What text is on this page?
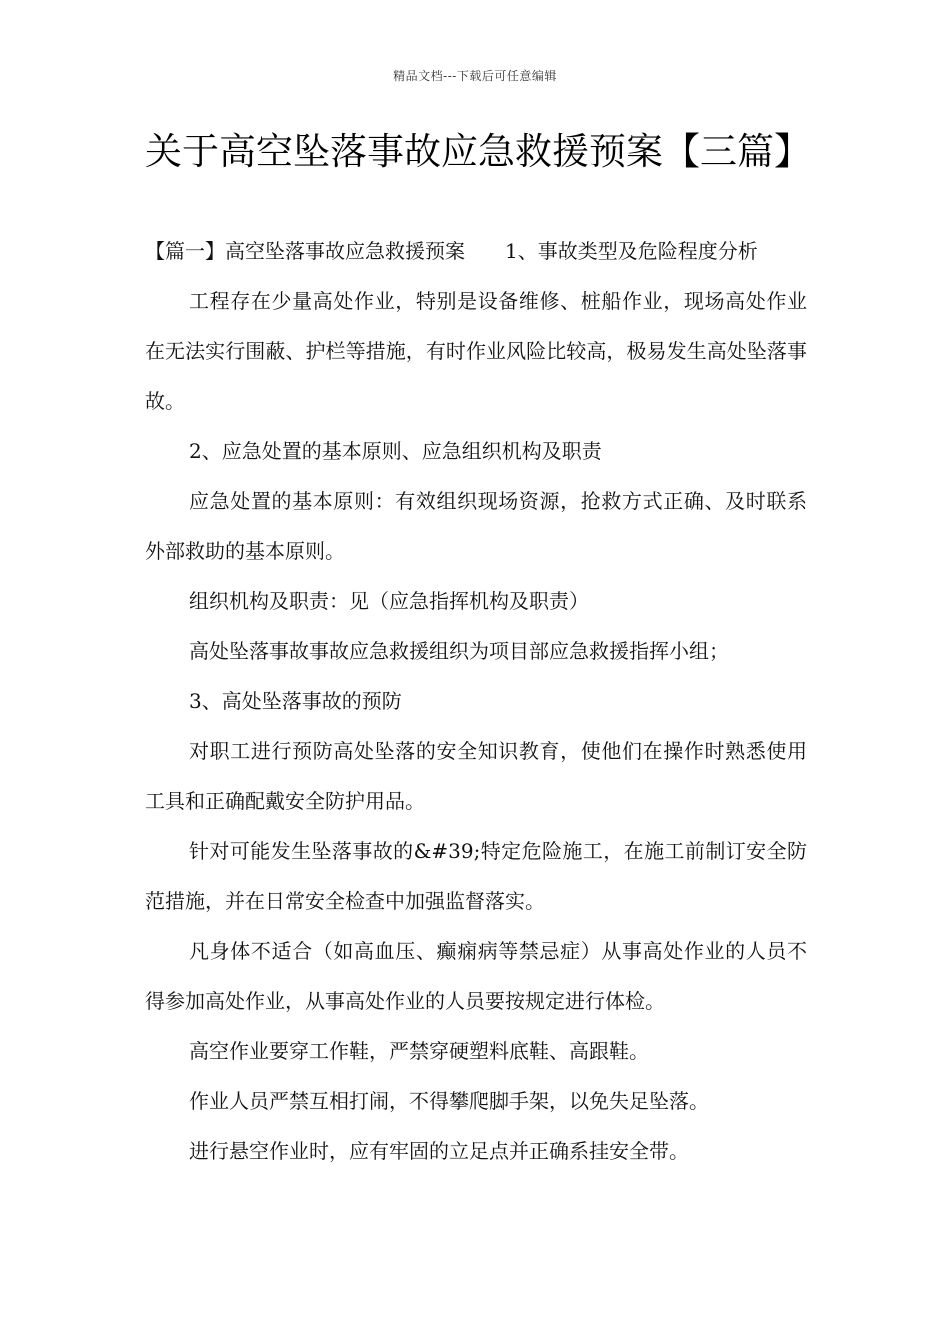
精品文档---下载后可任意编辑
关于高空坠落事故应急救援预案【三篇】

【篇一】高空坠落事故应急救援预案　　1、事故类型及危险程度分析

工程存在少量高处作业，特别是设备维修、桩船作业，现场高处作业在无法实行围蔽、护栏等措施，有时作业风险比较高，极易发生高处坠落事故。

2、应急处置的基本原则、应急组织机构及职责

应急处置的基本原则：有效组织现场资源，抢救方式正确、及时联系外部救助的基本原则。

组织机构及职责：见（应急指挥机构及职责）

高处坠落事故事故应急救援组织为项目部应急救援指挥小组；

3、高处坠落事故的预防

对职工进行预防高处坠落的安全知识教育，使他们在操作时熟悉使用工具和正确配戴安全防护用品。

针对可能发生坠落事故的&#39;特定危险施工，在施工前制订安全防范措施，并在日常安全检查中加强监督落实。

凡身体不适合（如高血压、癫痫病等禁忌症）从事高处作业的人员不得参加高处作业，从事高处作业的人员要按规定进行体检。

高空作业要穿工作鞋，严禁穿硬塑料底鞋、高跟鞋。

作业人员严禁互相打闹，不得攀爬脚手架，以免失足坠落。

进行悬空作业时，应有牢固的立足点并正确系挂安全带。
